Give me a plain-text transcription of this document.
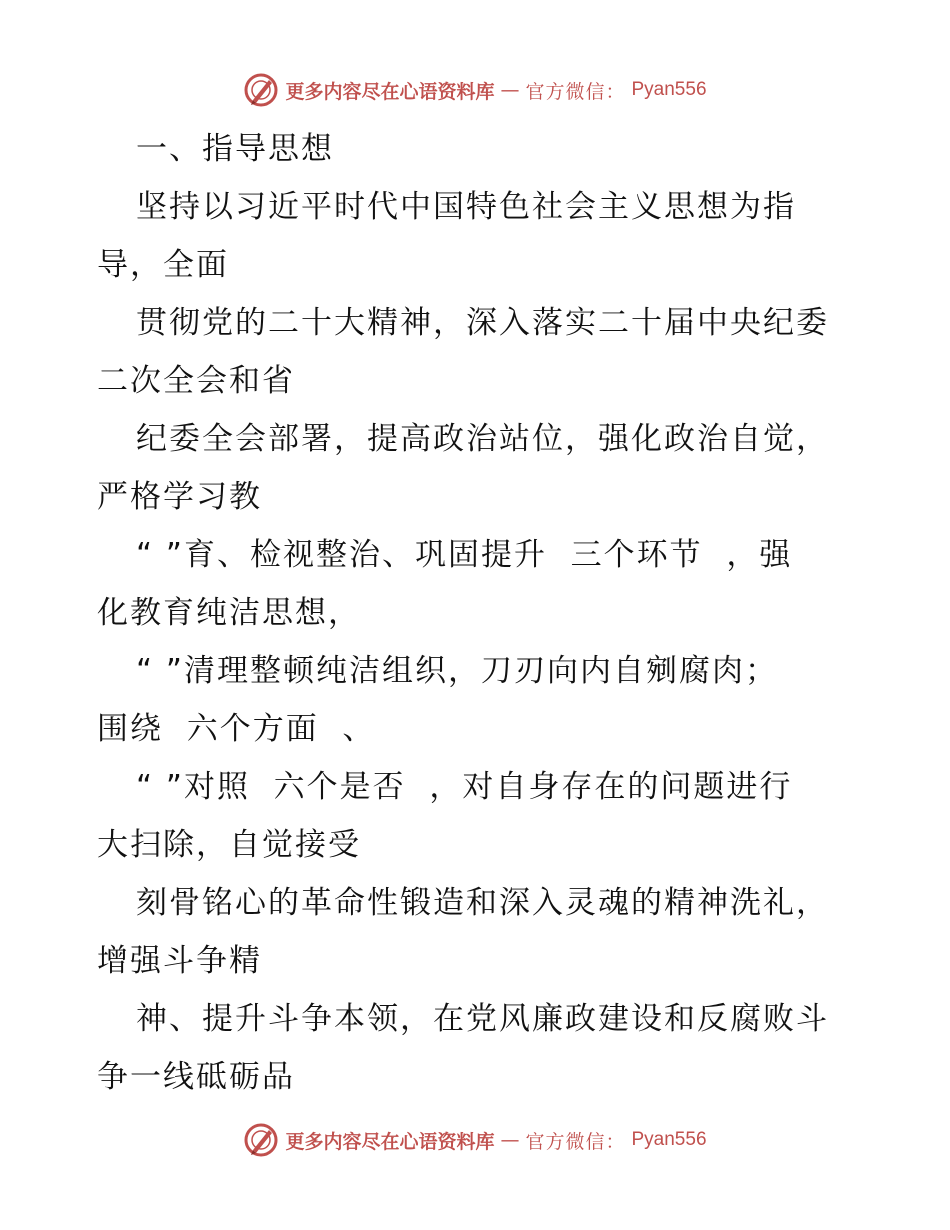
更多内容尽在心语资料库 — 官方微信： Pyan556

一、指导思想

坚持以习近平时代中国特色社会主义思想为指

导，全面

贯彻党的二十大精神，深入落实二十届中央纪委

二次全会和省

纪委全会部署，提高政治站位，强化政治自觉，

严格学习教

“ ”育、检视整治、巩固提升  三个环节  ，强

化教育纯洁思想，

“ ”清理整顿纯洁组织，刀刃向内自剜腐肉；

围绕  六个方面  、

“ ”对照  六个是否  ，对自身存在的问题进行

大扫除，自觉接受

刻骨铭心的革命性锻造和深入灵魂的精神洗礼，

增强斗争精

神、提升斗争本领，在党风廉政建设和反腐败斗

争一线砥砺品

更多内容尽在心语资料库 — 官方微信： Pyan556
